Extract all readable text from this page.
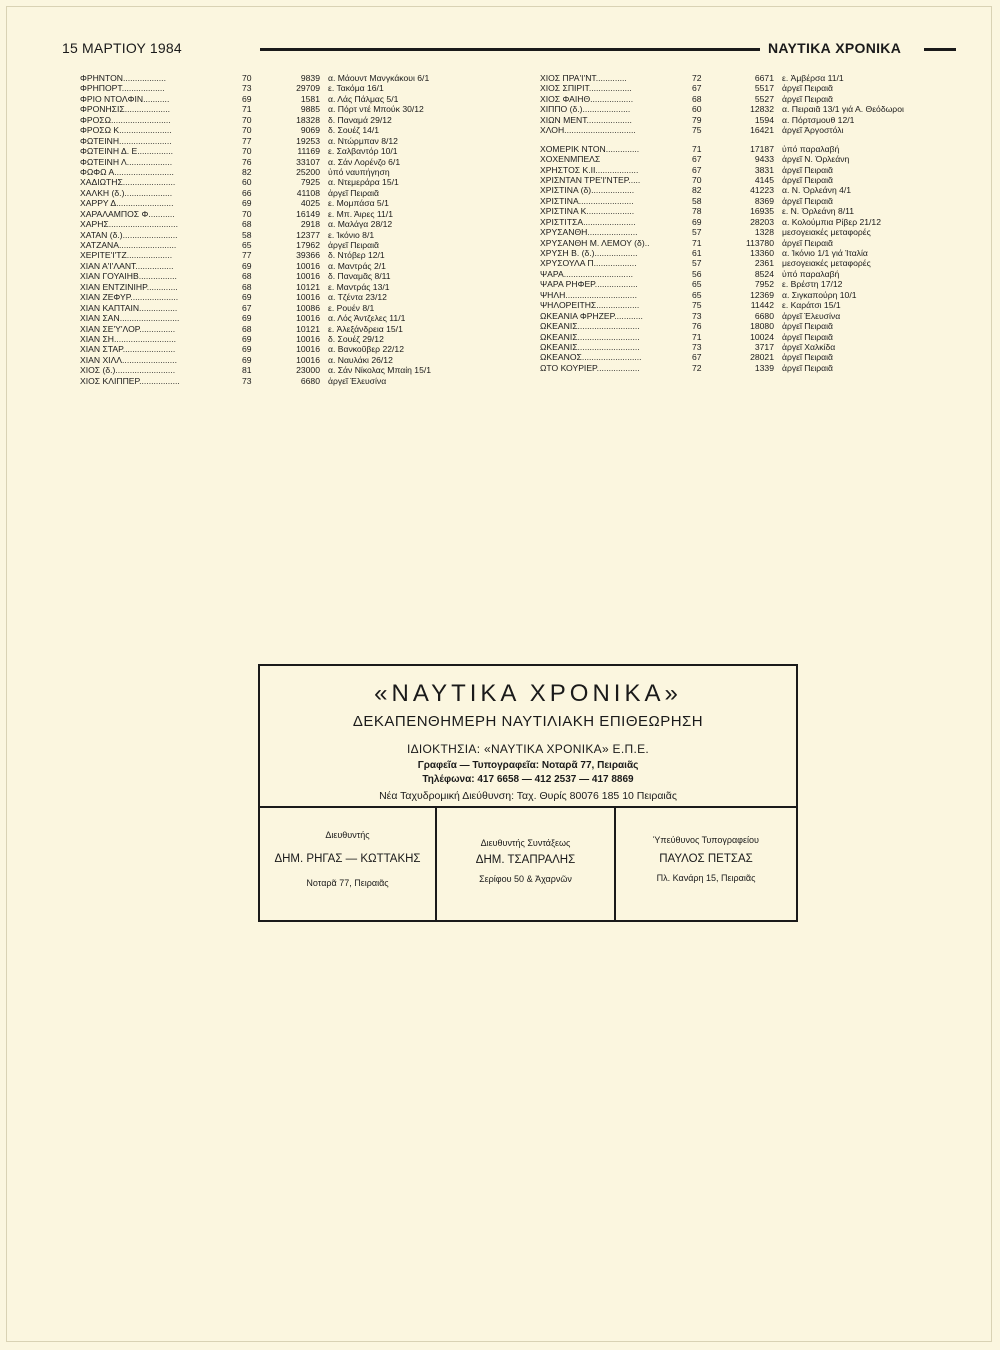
15 ΜΑΡΤΙΟΥ 1984	ΝΑΥΤΙΚΑ ΧΡΟΝΙΚΑ
ΦΡΗΝΤΟΝ..................	70	9839 α. Μάουντ Μανγκάκουι 6/1
ΦΡΗΠΟΡΤ..................	73	29709 ε. Τακόμα 16/1
ΦΡΙΟ ΝΤΟΛΦΙΝ...........	69	1581 α. Λάς Πάλμας 5/1
ΦΡΟΝΗΣΙΣ...................	71	9885 α. Πόρτ ντέ Μπούκ 30/12
ΦΡΟΣΩ.........................	70	18328 δ. Παναμά 29/12
ΦΡΟΣΩ Κ......................	70	9069 δ. Σουέζ 14/1
ΦΩΤΕΙΝΗ......................	77	19253 α. Ντώρμπαν 8/12
ΦΩΤΕΙΝΗ Δ. Ε...............	70	11169 ε. Σαλβαντόρ 10/1
ΦΩΤΕΙΝΗ Λ...................	76	33107 α. Σάν Λορένζο 6/1
ΦΩΦΩ Α.........................	82	25200 ὑπό ναυπήγηση
ΧΑΔΙΩΤΗΣ......................	60	7925 α. Ντεμεράρα 15/1
ΧΑΛΚΗ (δ.)....................	66	41108 ἀργεῖ Πειραιᾶ
ΧΑΡΡΥ Δ........................	69	4025 ε. Μομπάσα 5/1
ΧΑΡΑΛΑΜΠΟΣ Φ...........	70	16149 ε. Μπ. Άιρες 11/1
ΧΑΡΗΣ.............................	68	2918 α. Μαλάγα 28/12
ΧΑΤΑΝ (δ.).......................	58	12377 ε. Ἰκόνιο 8/1
ΧΑΤΖΑΝΑ........................	65	17962 ἀργεῖ Πειραιᾶ
ΧΕΡΙΤΕ'Ι'ΤΖ...................	77	39366 δ. Ντόβερ 12/1
ΧΙΑΝ Α'Ι'ΛΑΝΤ................	69	10016 α. Μαντράς 2/1
ΧΙΑΝ ΓΟΥΑΙΗΒ................	68	10016 δ. Παναμᾶς 8/11
ΧΙΑΝ ΕΝΤΖΙΝΙΗΡ.............	68	10121 ε. Μαντράς 13/1
ΧΙΑΝ ΖΕΦΥΡ....................	69	10016 α. Τζέντα 23/12
ΧΙΑΝ ΚΑΠΤΑΙΝ................	67	10086 ε. Ρουέν 8/1
ΧΙΑΝ ΣΑΝ.........................	69	10016 α. Λός Άντζελες 11/1
ΧΙΑΝ ΣΕ'Υ'ΛΟΡ...............	68	10121 ε. Ἀλεξάνδρεια 15/1
ΧΙΑΝ ΣΗ..........................	69	10016 δ. Σουέζ 29/12
ΧΙΑΝ ΣΤΑΡ......................	69	10016 α. Βανκοῦβερ 22/12
ΧΙΑΝ ΧΙΛΛ.......................	69	10016 α. Ναυλάκι 26/12
ΧΙΟΣ (δ.).........................	81	23000 α. Σάν Νίκολας Μπαίη 15/1
ΧΙΟΣ ΚΛΙΠΠΕΡ.................	73	6680 ἀργεῖ Ἐλευσίνα
ΧΙΟΣ ΠΡΑ'Ι'ΝΤ.............	72	6671 ε. Ἀμβέρσα 11/1
ΧΙΟΣ ΣΠΙΡΙΤ..................	67	5517 ἀργεῖ Πειραιᾶ
ΧΙΟΣ ΦΑΙΗΘ..................	68	5527 ἀργεῖ Πειραιᾶ
ΧΙΠΠΟ (δ.)....................	60	12832 α. Πειραιᾶ 13/1 γιά Α. Θεόδωροι
ΧΙΩΝ ΜΕΝΤ...................	79	1594 α. Πόρτσμουθ 12/1
ΧΛΟΗ..............................	75	16421 ἀργεῖ Ἀργοστόλι
ΧΟΜΕΡΙΚ ΝΤΟΝ..............	71	17187 ὑπό παραλαβή
ΧΟΧΕΝΜΠΕΛΣ	67	9433 ἀργεῖ Ν. Ὀρλεάνη
ΧΡΗΣΤΟΣ Κ.ΙΙ..................	67	3831 ἀργεῖ Πειραιᾶ
ΧΡΙΣΝΤΑΝ ΤΡΕ'Ι'ΝΤΕΡ.....	70	4145 ἀργεῖ Πειραιᾶ
ΧΡΙΣΤΙΝΑ (δ)..................	82	41223 α. Ν. Ὀρλεάνη 4/1
ΧΡΙΣΤΙΝΑ.......................	58	8369 ἀργεῖ Πειραιᾶ
ΧΡΙΣΤΙΝΑ Κ....................	78	16935 ε. Ν. Ὀρλεάνη 8/11
ΧΡΙΣΤΙΤΣΑ......................	69	28203 α. Κολούμπια Ρίβερ 21/12
ΧΡΥΣΑΝΘΗ.....................	57	1328 μεσογειακές μεταφορές
ΧΡΥΣΑΝΘΗ Μ. ΛΕΜΟΥ (δ)..	71	113780 ἀργεῖ Πειραιᾶ
ΧΡΥΣΗ Β. (δ.)..................	61	13360 α. Ἰκόνιο 1/1 γιά Ἰταλία
ΧΡΥΣΟΥΛΑ Π..................	57	2361 μεσογειακές μεταφορές
ΨΑΡΑ.............................	56	8524 ὑπό παραλαβή
ΨΑΡΑ ΡΗΦΕΡ..................	65	7952 ε. Βρέστη 17/12
ΨΗΛΗ..............................	65	12369 α. Σιγκαπούρη 10/1
ΨΗΛΟΡΕΙΤΗΣ..................	75	11442 ε. Καράτσι 15/1
ΩΚΕΑΝΙΑ ΦΡΗΖΕΡ............	73	6680 ἀργεῖ Ἐλευσίνα
ΩΚΕΑΝΙΣ..........................	76	18080 ἀργεῖ Πειραιᾶ
ΩΚΕΑΝΙΣ..........................	71	10024 ἀργεῖ Πειραιᾶ
ΩΚΕΑΝΙΣ..........................	73	3717 ἀργεῖ Χαλκίδα
ΩΚΕΑΝΟΣ.........................	67	28021 ἀργεῖ Πειραιᾶ
ΩΤΟ ΚΟΥΡΙΕΡ..................	72	1339 ἀργεῖ Πειραιᾶ
«ΝΑΥΤΙΚΑ ΧΡΟΝΙΚΑ»
ΔΕΚΑΠΕΝΘΗΜΕΡΗ ΝΑΥΤΙΛΙΑΚΗ ΕΠΙΘΕΩΡΗΣΗ
ΙΔΙΟΚΤΗΣΙΑ: «ΝΑΥΤΙΚΑ ΧΡΟΝΙΚΑ» Ε.Π.Ε.
Γραφεῖα — Τυπογραφεῖα: Νοταρᾶ 77, Πειραιᾶς
Τηλέφωνα: 417 6658 — 412 2537 — 417 8869
Νέα Ταχυδρομική Διεύθυνση: Ταχ. Θυρίς 80076 185 10 Πειραιᾶς
Διευθυντής
ΔΗΜ. ΡΗΓΑΣ — ΚΩΤΤΑΚΗΣ
Νοταρᾶ 77, Πειραιᾶς
Διευθυντής Συντάξεως
ΔΗΜ. ΤΣΑΠΡΑΛΗΣ
Σερίφου 50 & Ἀχαρνῶν
Ὑπεύθυνος Τυπογραφείου
ΠΑΥΛΟΣ ΠΕΤΣΑΣ
Πλ. Κανάρη 15, Πειραιᾶς
